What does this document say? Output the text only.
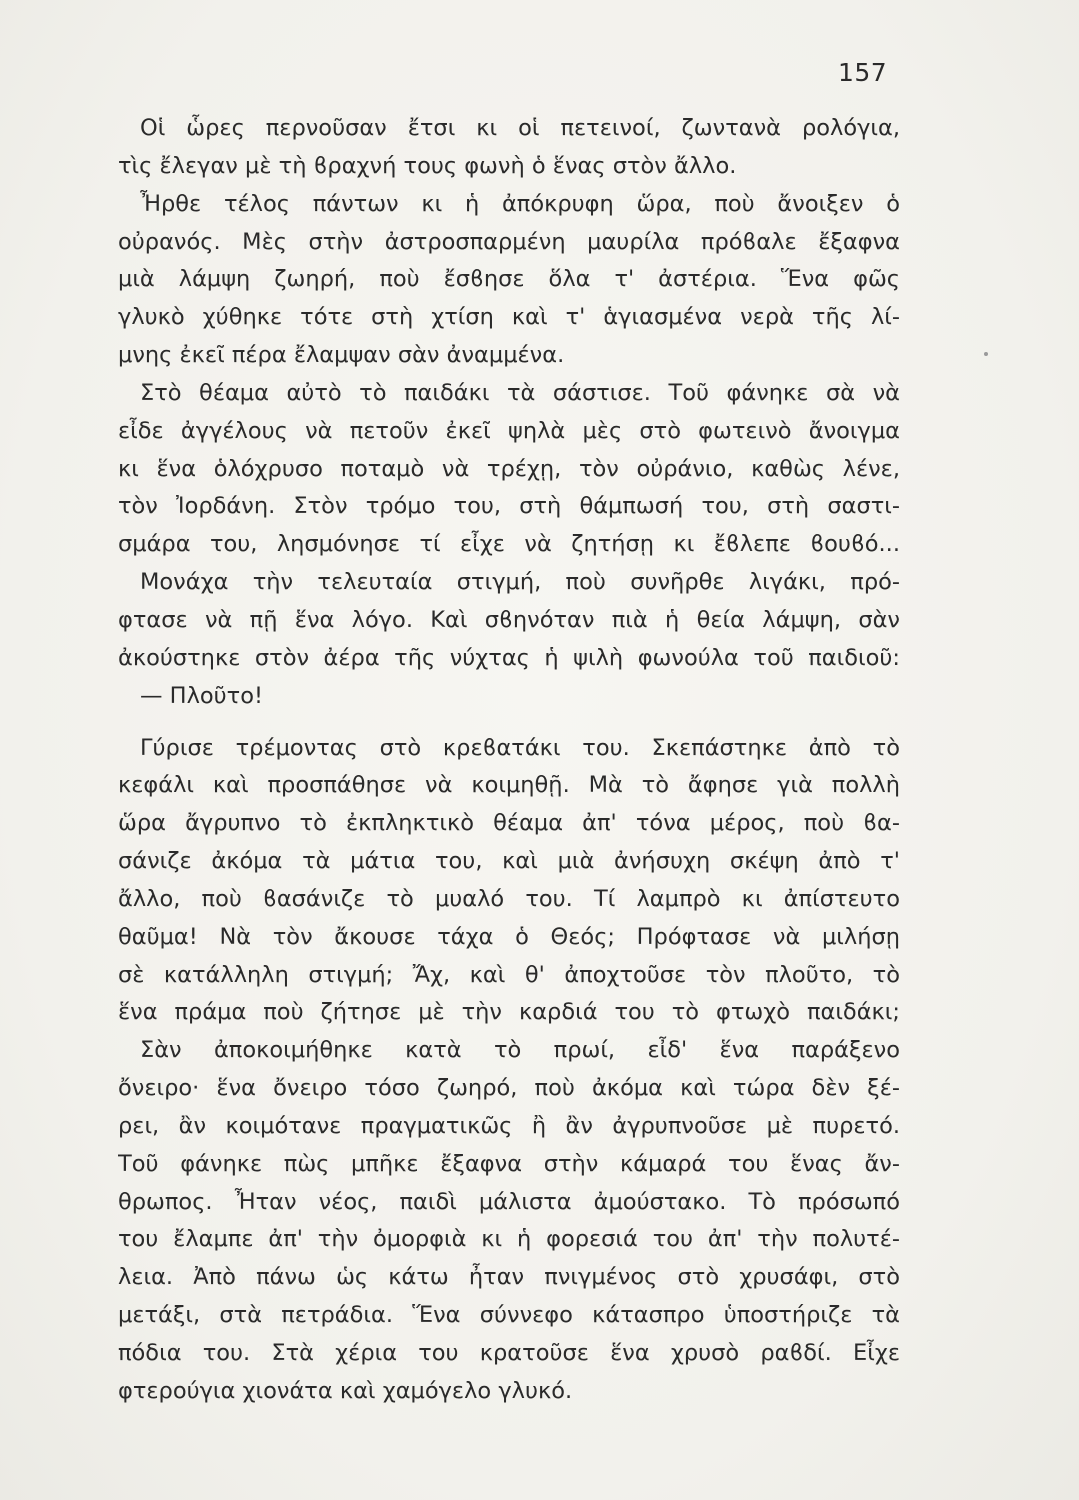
157
Οἱ ὧρες περνοῦσαν ἔτσι κι οἱ πετεινοί, ζωντανὰ ρολόγια,
τὶς ἔλεγαν μὲ τὴ ϐραχνή τους φωνὴ ὁ ἕνας στὸν ἄλλο.
Ἦρθε τέλος πάντων κι ἡ ἀπόκρυφη ὥρα, ποὺ ἄνοιξεν ὁ
οὐρανός. Μὲς στὴν ἀστροσπαρμένη μαυρίλα πρόϐαλε ἔξαφνα
μιὰ λάμψη ζωηρή, ποὺ ἔσϐησε ὅλα τ' ἀστέρια. Ἕνα φῶς
γλυκὸ χύθηκε τότε στὴ χτίση καὶ τ' ἁγιασμένα νερὰ τῆς λί-
μνης ἐκεῖ πέρα ἔλαμψαν σὰν ἀναμμένα.
Στὸ θέαμα αὐτὸ τὸ παιδάκι τὰ σάστισε. Τοῦ φάνηκε σὰ νὰ
εἶδε ἀγγέλους νὰ πετοῦν ἐκεῖ ψηλὰ μὲς στὸ φωτεινὸ ἄνοιγμα
κι ἕνα ὁλόχρυσο ποταμὸ νὰ τρέχῃ, τὸν οὐράνιο, καθὼς λένε,
τὸν Ἰορδάνη. Στὸν τρόμο του, στὴ θάμπωσή του, στὴ σαστι-
σμάρα του, λησμόνησε τί εἶχε νὰ ζητήσῃ κι ἔϐλεπε ϐουϐό...
Μονάχα τὴν τελευταία στιγμή, ποὺ συνῆρθε λιγάκι, πρό-
φτασε νὰ πῇ ἕνα λόγο. Καὶ σϐηνόταν πιὰ ἡ θεία λάμψη, σὰν
ἀκούστηκε στὸν ἀέρα τῆς νύχτας ἡ ψιλὴ φωνούλα τοῦ παιδιοῦ:
— Πλοῦτο!
Γύρισε τρέμοντας στὸ κρεϐατάκι του. Σκεπάστηκε ἀπὸ τὸ
κεφάλι καὶ προσπάθησε νὰ κοιμηθῇ. Μὰ τὸ ἄφησε γιὰ πολλὴ
ὥρα ἄγρυπνο τὸ ἐκπληκτικὸ θέαμα ἀπ' τόνα μέρος, ποὺ ϐα-
σάνιζε ἀκόμα τὰ μάτια του, καὶ μιὰ ἀνήσυχη σκέψη ἀπὸ τ'
ἄλλο, ποὺ ϐασάνιζε τὸ μυαλό του. Τί λαμπρὸ κι ἀπίστευτο
θαῦμα! Νὰ τὸν ἄκουσε τάχα ὁ Θεός; Πρόφτασε νὰ μιλήσῃ
σὲ κατάλληλη στιγμή; Ἄχ, καὶ θ' ἀποχτοῦσε τὸν πλοῦτο, τὸ
ἕνα πράμα ποὺ ζήτησε μὲ τὴν καρδιά του τὸ φτωχὸ παιδάκι;
Σὰν ἀποκοιμήθηκε κατὰ τὸ πρωί, εἶδ' ἕνα παράξενο
ὄνειρο· ἕνα ὄνειρο τόσο ζωηρό, ποὺ ἀκόμα καὶ τώρα δὲν ξέ-
ρει, ἂν κοιμότανε πραγματικῶς ἢ ἂν ἀγρυπνοῦσε μὲ πυρετό.
Τοῦ φάνηκε πὼς μπῆκε ἔξαφνα στὴν κάμαρά του ἕνας ἄν-
θρωπος. Ἦταν νέος, παιδὶ μάλιστα ἀμούστακο. Τὸ πρόσωπό
του ἔλαμπε ἀπ' τὴν ὀμορφιὰ κι ἡ φορεσιά του ἀπ' τὴν πολυτέ-
λεια. Ἀπὸ πάνω ὡς κάτω ἦταν πνιγμένος στὸ χρυσάφι, στὸ
μετάξι, στὰ πετράδια. Ἕνα σύννεφο κάτασπρο ὑποστήριζε τὰ
πόδια του. Στὰ χέρια του κρατοῦσε ἕνα χρυσὸ ραϐδί. Εἶχε
φτερούγια χιονάτα καὶ χαμόγελο γλυκό.
